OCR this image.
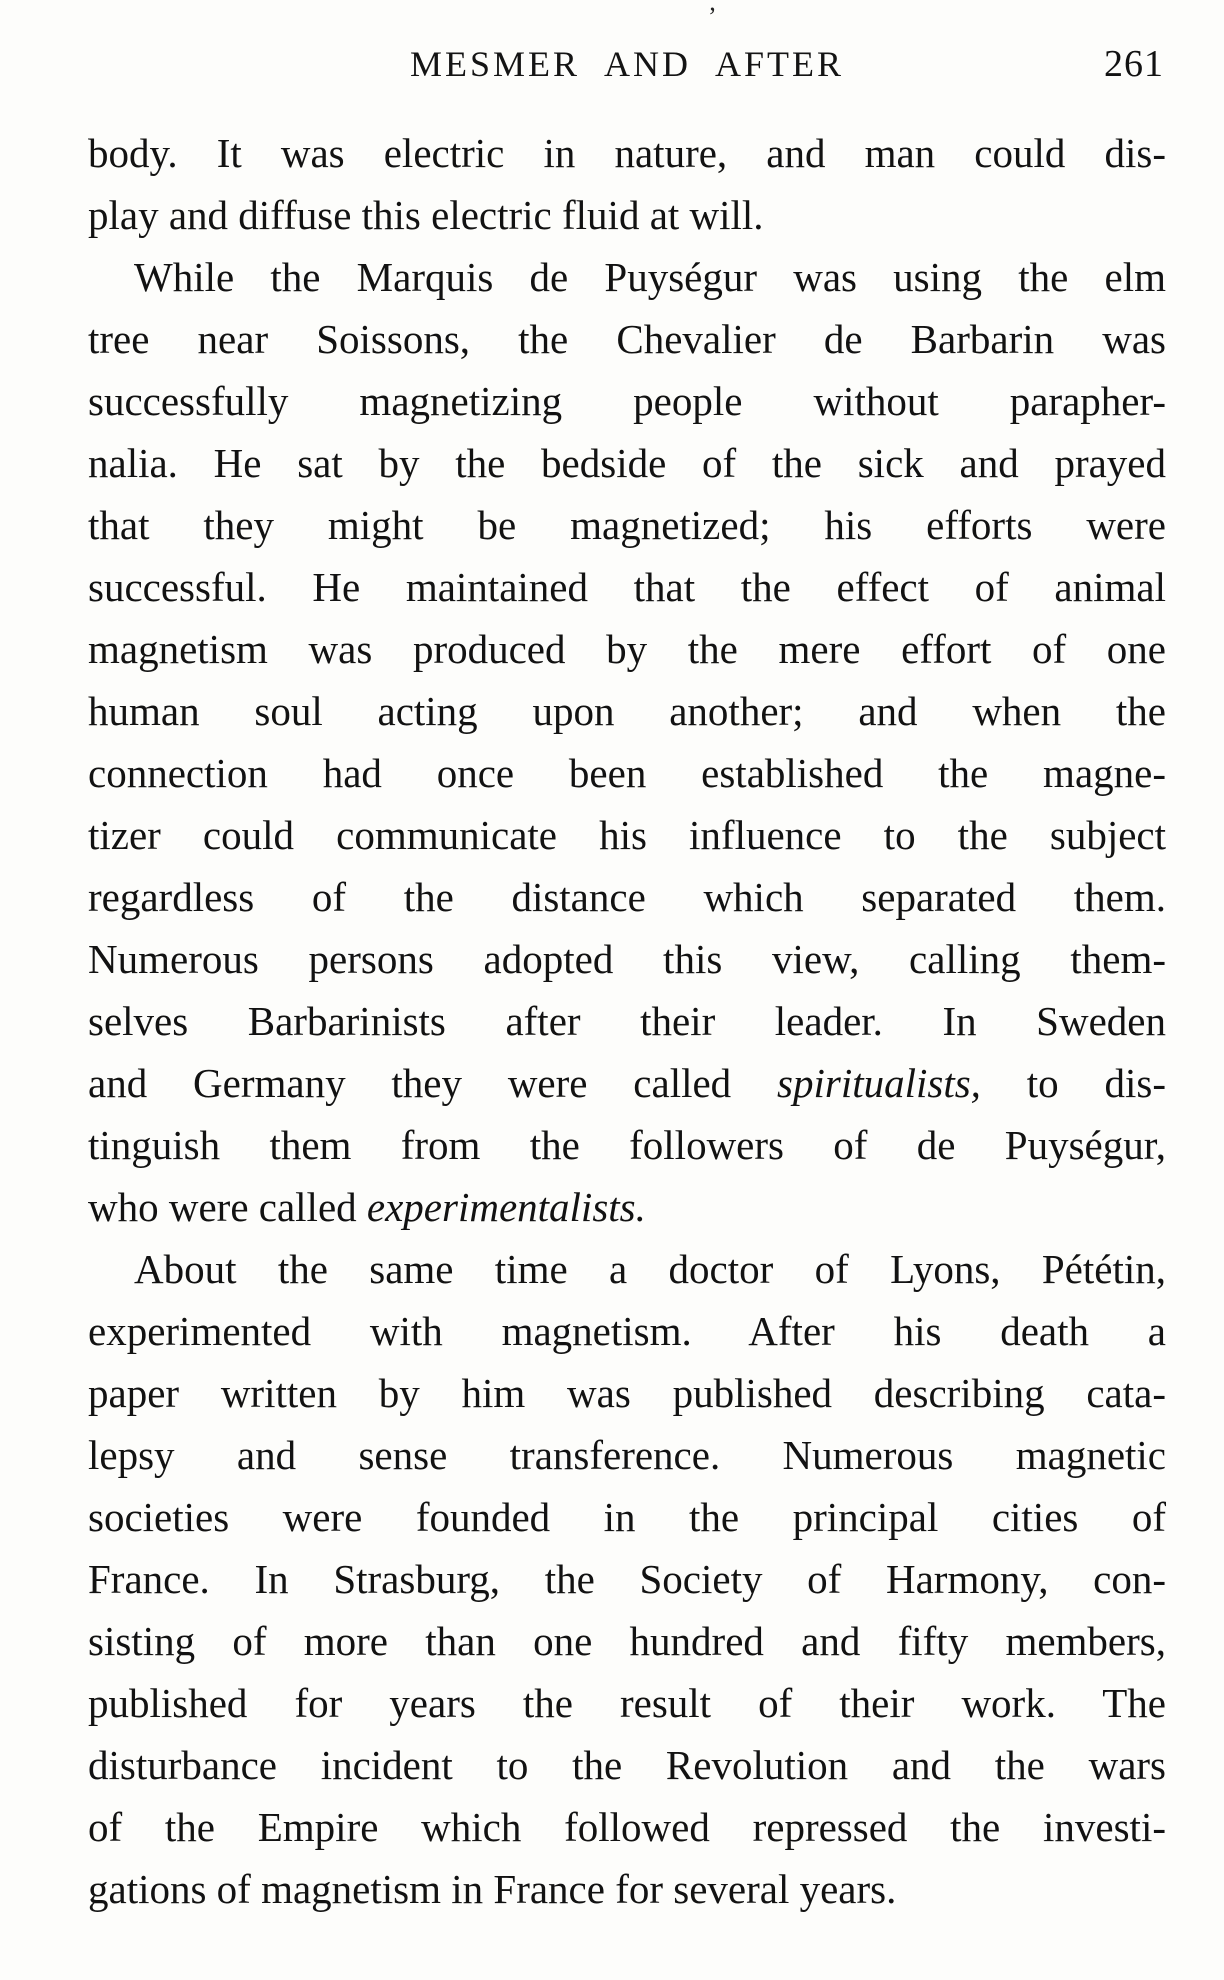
’
MESMER AND AFTER	261

body. It was electric in nature, and man could dis-
play and diffuse this electric fluid at will.

While the Marquis de Puységur was using the elm
tree near Soissons, the Chevalier de Barbarin was
successfully magnetizing people without parapher-
nalia. He sat by the bedside of the sick and prayed
that they might be magnetized; his efforts were
successful. He maintained that the effect of animal
magnetism was produced by the mere effort of one
human soul acting upon another; and when the
connection had once been established the magne-
tizer could communicate his influence to the subject
regardless of the distance which separated them.
Numerous persons adopted this view, calling them-
selves Barbarinists after their leader. In Sweden
and Germany they were called spiritualists, to dis-
tinguish them from the followers of de Puységur,
who were called experimentalists.

About the same time a doctor of Lyons, Pététin,
experimented with magnetism. After his death a
paper written by him was published describing cata-
lepsy and sense transference. Numerous magnetic
societies were founded in the principal cities of
France. In Strasburg, the Society of Harmony, con-
sisting of more than one hundred and fifty members,
published for years the result of their work. The
disturbance incident to the Revolution and the wars
of the Empire which followed repressed the investi-
gations of magnetism in France for several years.
